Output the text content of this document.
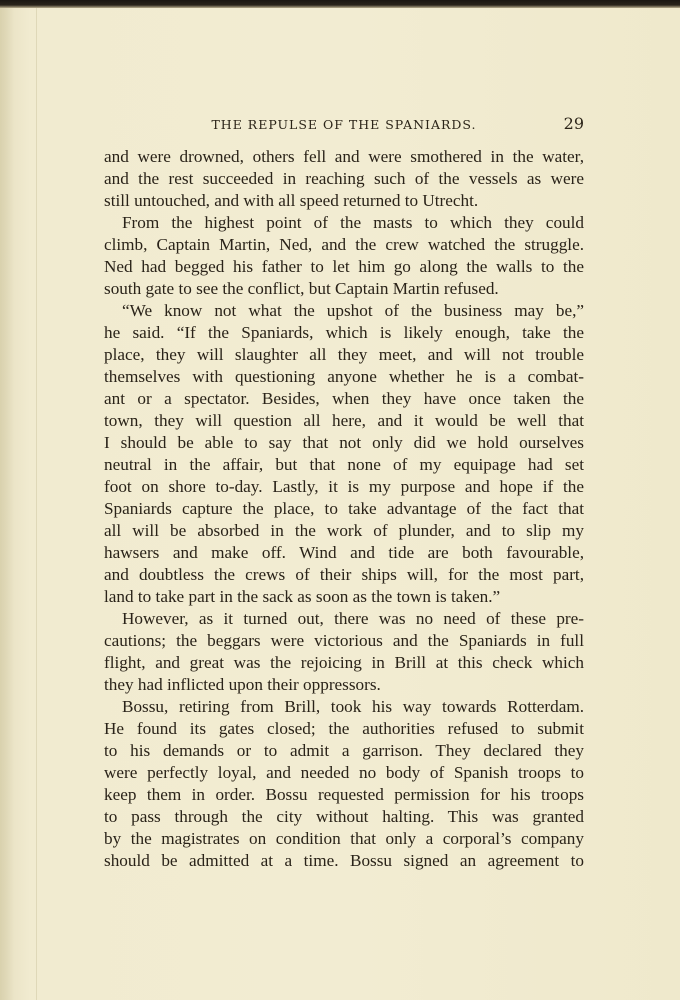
THE REPULSE OF THE SPANIARDS.	29
and were drowned, others fell and were smothered in the water,
and the rest succeeded in reaching such of the vessels as were
still untouched, and with all speed returned to Utrecht.
From the highest point of the masts to which they could
climb, Captain Martin, Ned, and the crew watched the struggle.
Ned had begged his father to let him go along the walls to the
south gate to see the conflict, but Captain Martin refused.
“We know not what the upshot of the business may be,”
he said. “If the Spaniards, which is likely enough, take the
place, they will slaughter all they meet, and will not trouble
themselves with questioning anyone whether he is a combat-
ant or a spectator. Besides, when they have once taken the
town, they will question all here, and it would be well that
I should be able to say that not only did we hold ourselves
neutral in the affair, but that none of my equipage had set
foot on shore to-day. Lastly, it is my purpose and hope if the
Spaniards capture the place, to take advantage of the fact that
all will be absorbed in the work of plunder, and to slip my
hawsers and make off. Wind and tide are both favourable,
and doubtless the crews of their ships will, for the most part,
land to take part in the sack as soon as the town is taken.”
However, as it turned out, there was no need of these pre-
cautions; the beggars were victorious and the Spaniards in full
flight, and great was the rejoicing in Brill at this check which
they had inflicted upon their oppressors.
Bossu, retiring from Brill, took his way towards Rotterdam.
He found its gates closed; the authorities refused to submit
to his demands or to admit a garrison. They declared they
were perfectly loyal, and needed no body of Spanish troops to
keep them in order. Bossu requested permission for his troops
to pass through the city without halting. This was granted
by the magistrates on condition that only a corporal’s company
should be admitted at a time. Bossu signed an agreement to
